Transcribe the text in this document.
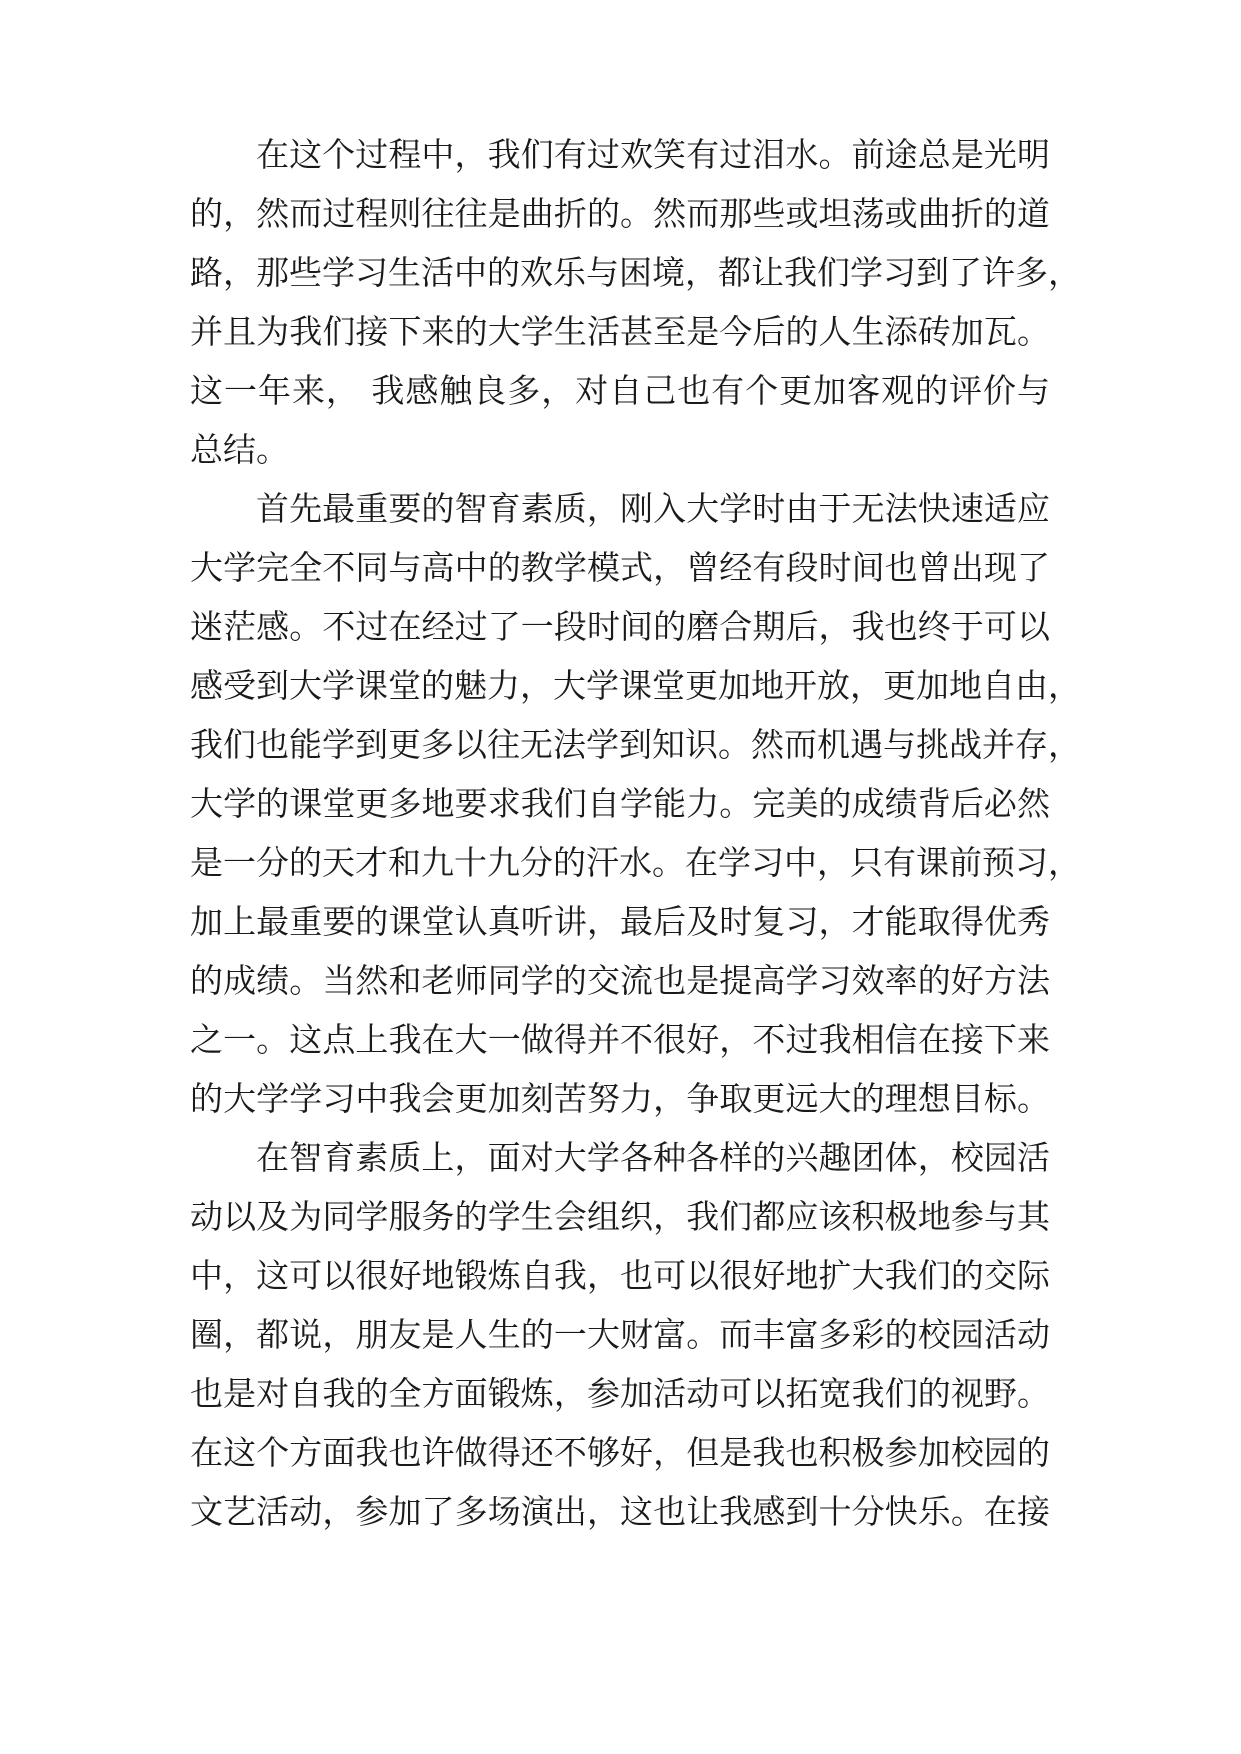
在这个过程中，我们有过欢笑有过泪水。前途总是光明

的，然而过程则往往是曲折的。然而那些或坦荡或曲折的道

路，那些学习生活中的欢乐与困境，都让我们学习到了许多，

并且为我们接下来的大学生活甚至是今后的人生添砖加瓦。

这一年来， 我感触良多，对自己也有个更加客观的评价与

总结。

首先最重要的智育素质，刚入大学时由于无法快速适应

大学完全不同与高中的教学模式，曾经有段时间也曾出现了

迷茫感。不过在经过了一段时间的磨合期后，我也终于可以

感受到大学课堂的魅力，大学课堂更加地开放，更加地自由，

我们也能学到更多以往无法学到知识。然而机遇与挑战并存，

大学的课堂更多地要求我们自学能力。完美的成绩背后必然

是一分的天才和九十九分的汗水。在学习中，只有课前预习，

加上最重要的课堂认真听讲，最后及时复习，才能取得优秀

的成绩。当然和老师同学的交流也是提高学习效率的好方法

之一。这点上我在大一做得并不很好，不过我相信在接下来

的大学学习中我会更加刻苦努力，争取更远大的理想目标。

在智育素质上，面对大学各种各样的兴趣团体，校园活

动以及为同学服务的学生会组织，我们都应该积极地参与其

中，这可以很好地锻炼自我，也可以很好地扩大我们的交际

圈，都说，朋友是人生的一大财富。而丰富多彩的校园活动

也是对自我的全方面锻炼，参加活动可以拓宽我们的视野。

在这个方面我也许做得还不够好，但是我也积极参加校园的

文艺活动，参加了多场演出，这也让我感到十分快乐。在接
